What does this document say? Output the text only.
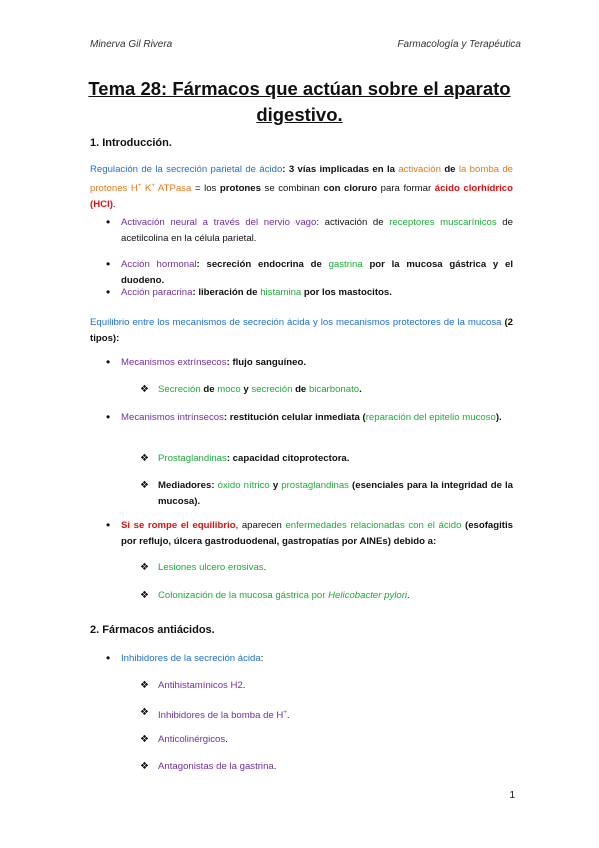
Minerva Gil Rivera	Farmacología y Terapéutica
Tema 28: Fármacos que actúan sobre el aparato
digestivo.
1. Introducción.
Regulación de la secreción parietal de ácido: 3 vías implicadas en la activación de la bomba de protones H+ K+ ATPasa = los protones se combinan con cloruro para formar ácido clorhídrico (HCl).
•	Activación neural a través del nervio vago: activación de receptores muscarínicos de acetilcolina en la célula parietal.
•	Acción hormonal: secreción endocrina de gastrina por la mucosa gástrica y el duodeno.
•	Acción paracrina: liberación de histamina por los mastocitos.
Equilibrio entre los mecanismos de secreción ácida y los mecanismos protectores de la mucosa (2 tipos):
•	Mecanismos extrínsecos: flujo sanguíneo.
❖ Secreción de moco y secreción de bicarbonato.
•	Mecanismos intrínsecos: restitución celular inmediata (reparación del epitelio mucoso).
❖ Prostaglandinas: capacidad citoprotectora.
❖ Mediadores: óxido nítrico y prostaglandinas (esenciales para la integridad de la mucosa).
•	Si se rompe el equilibrio, aparecen enfermedades relacionadas con el ácido (esofagitis por reflujo, úlcera gastroduodenal, gastropatías por AINEs) debido a:
❖ Lesiones ulcero erosivas.
❖ Colonización de la mucosa gástrica por Helicobacter pylori.
2. Fármacos antiácidos.
•	Inhibidores de la secreción ácida:
❖ Antihistamínicos H2.
❖ Inhibidores de la bomba de H+.
❖ Anticolinérgicos.
❖ Antagonistas de la gastrina.
1
